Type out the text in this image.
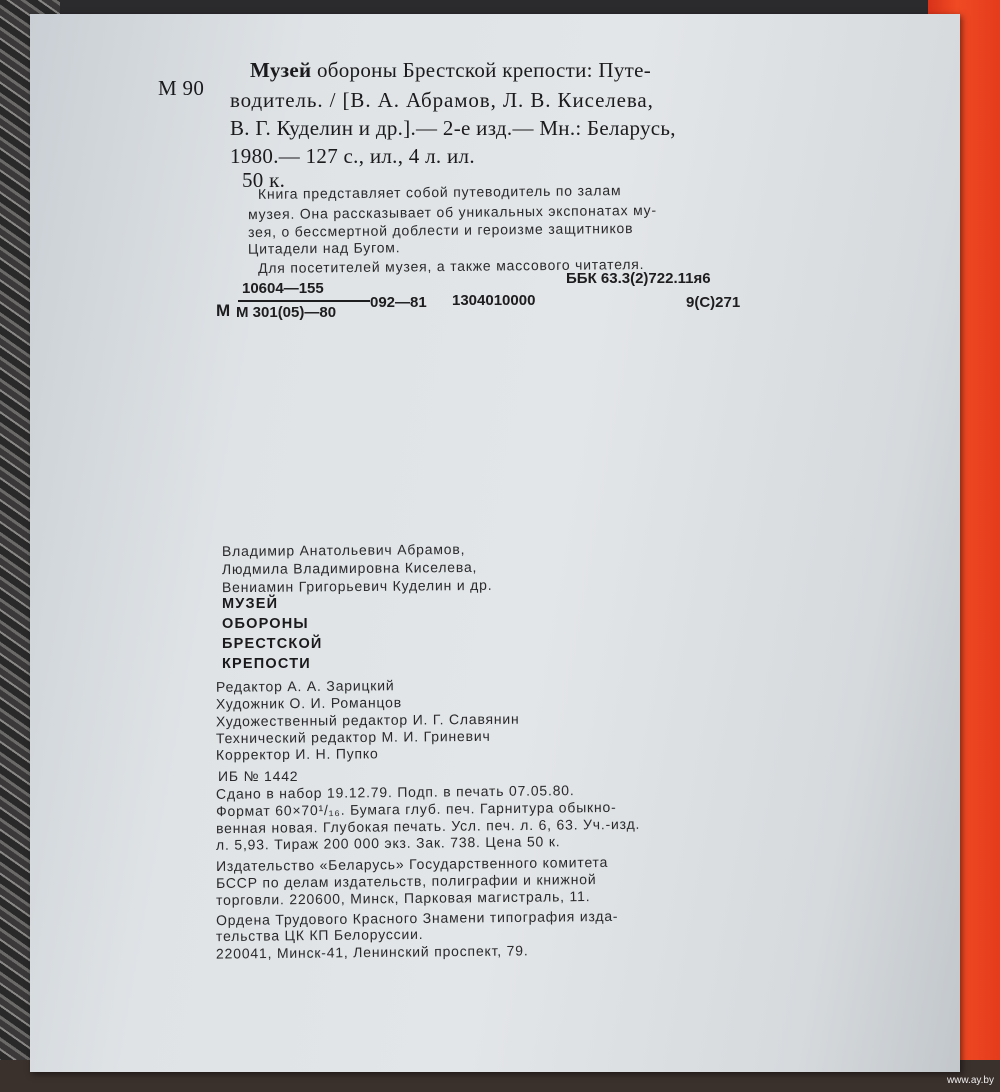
М 90
Музей обороны Брестской крепости: Путе-
водитель. / [В. А. Абрамов, Л. В. Киселева,
В. Г. Куделин и др.].— 2-е изд.— Мн.: Беларусь,
1980.— 127 с., ил., 4 л. ил.
50 к.
Книга представляет собой путеводитель по залам
музея. Она рассказывает об уникальных экспонатах му-
зея, о бессмертной доблести и героизме защитников
Цитадели над Бугом.
Для посетителей музея, а также массового читателя.
М
10604—155
М 301(05)—80
092—81 1304010000
ББК 63.3(2)722.11я6
9(С)271
Владимир Анатольевич Абрамов,
Людмила Владимировна Киселева,
Вениамин Григорьевич Куделин и др.
МУЗЕЙ
ОБОРОНЫ
БРЕСТСКОЙ
КРЕПОСТИ
Редактор А. А. Зарицкий
Художник О. И. Романцов
Художественный редактор И. Г. Славянин
Технический редактор М. И. Гриневич
Корректор И. Н. Пупко
ИБ № 1442
Сдано в набор 19.12.79. Подп. в печать 07.05.80.
Формат 60×70¹/₁₆. Бумага глуб. печ. Гарнитура обыкно-
венная новая. Глубокая печать. Усл. печ. л. 6, 63. Уч.-изд.
л. 5,93. Тираж 200 000 экз. Зак. 738. Цена 50 к.
Издательство «Беларусь» Государственного комитета
БССР по делам издательств, полиграфии и книжной
торговли. 220600, Минск, Парковая магистраль, 11.
Ордена Трудового Красного Знамени типография изда-
тельства ЦК КП Белоруссии.
220041, Минск-41, Ленинский проспект, 79.
www.ay.by
